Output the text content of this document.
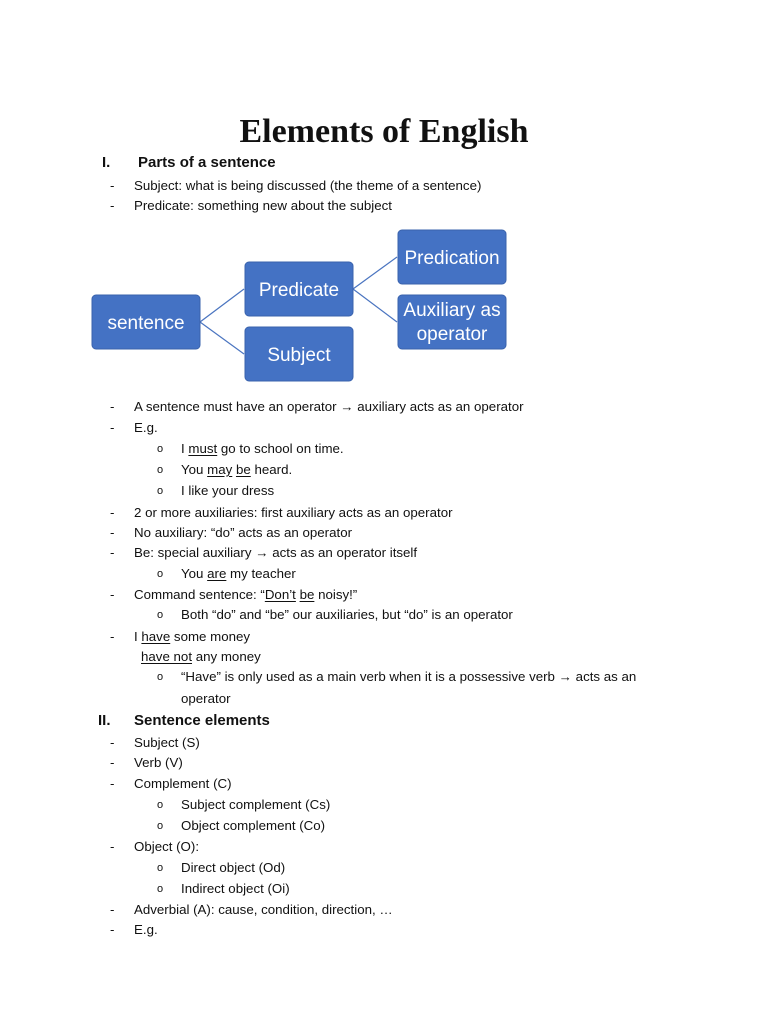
Elements of English
I.	Parts of a sentence
- Subject: what is being discussed (the theme of a sentence)
- Predicate: something new about the subject
sentence
Predicate
Subject
Predication
Auxiliary as
operator
- A sentence must have an operator → auxiliary acts as an operator
- E.g.
o I must go to school on time.
o You may be heard.
o I like your dress
- 2 or more auxiliaries: first auxiliary acts as an operator
- No auxiliary: “do” acts as an operator
- Be: special auxiliary → acts as an operator itself
o You are my teacher
- Command sentence: “Don’t be noisy!”
o Both “do” and “be” our auxiliaries, but “do” is an operator
- I have some money
have not any money
o “Have” is only used as a main verb when it is a possessive verb → acts as an
operator
II.	Sentence elements
- Subject (S)
- Verb (V)
- Complement (C)
o Subject complement (Cs)
o Object complement (Co)
- Object (O):
o Direct object (Od)
o Indirect object (Oi)
- Adverbial (A): cause, condition, direction, …
- E.g.
